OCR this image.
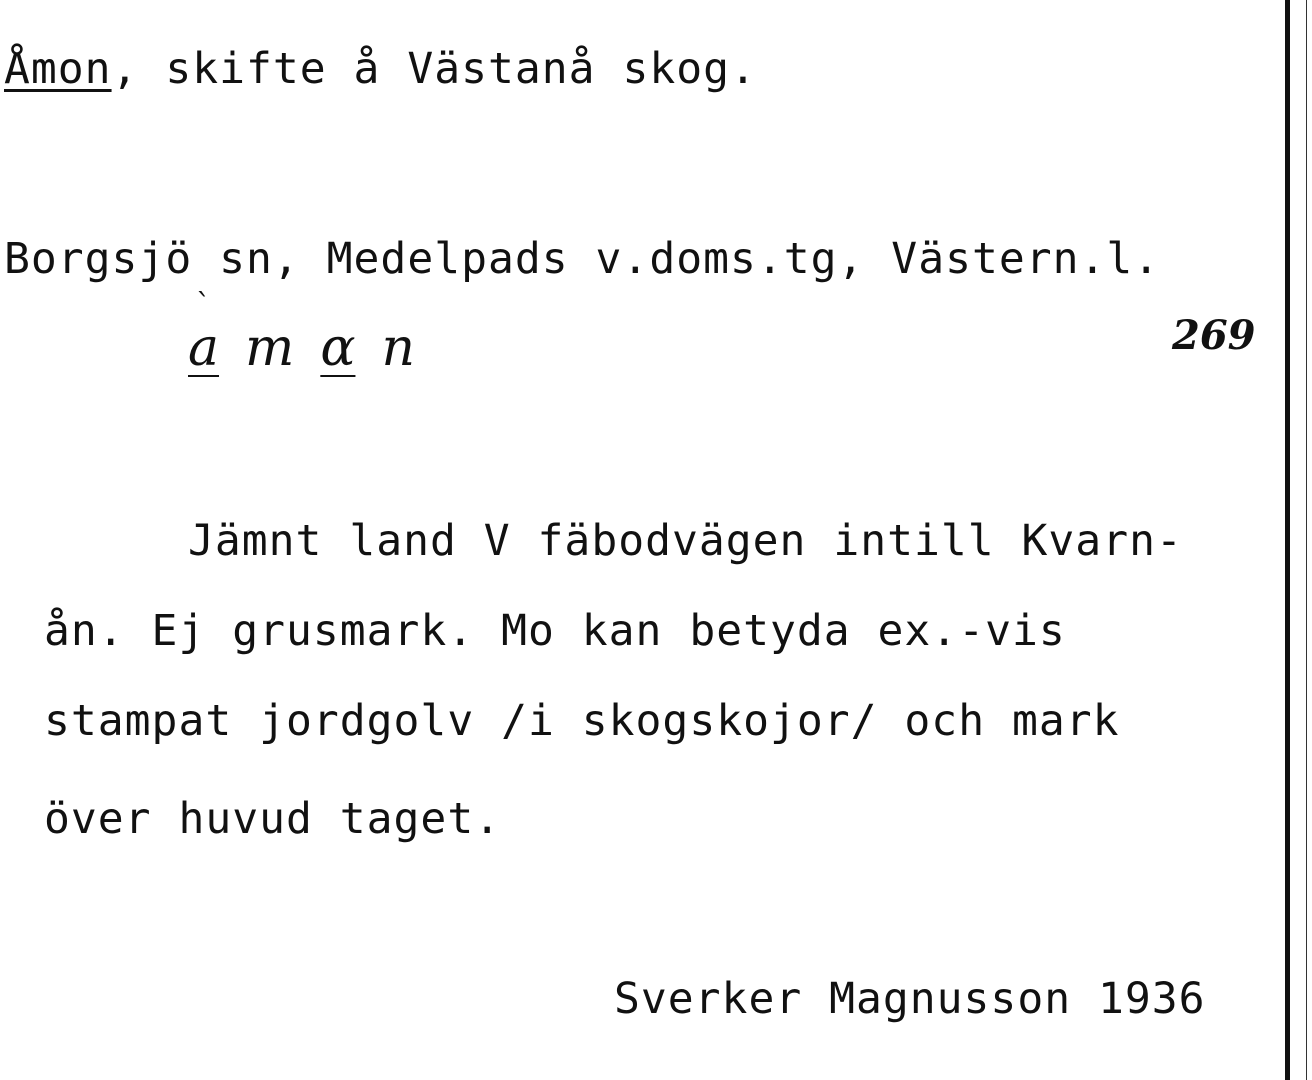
Åmon, skifte å Västanå skog.
Borgsjö sn, Medelpads v.doms.tg, Västern.l.
`
a m ɑ n	269
Jämnt land V fäbodvägen intill Kvarn-
ån. Ej grusmark. Mo kan betyda ex.-vis
stampat jordgolv /i skogskojor/ och mark
över huvud taget.
Sverker Magnusson 1936
